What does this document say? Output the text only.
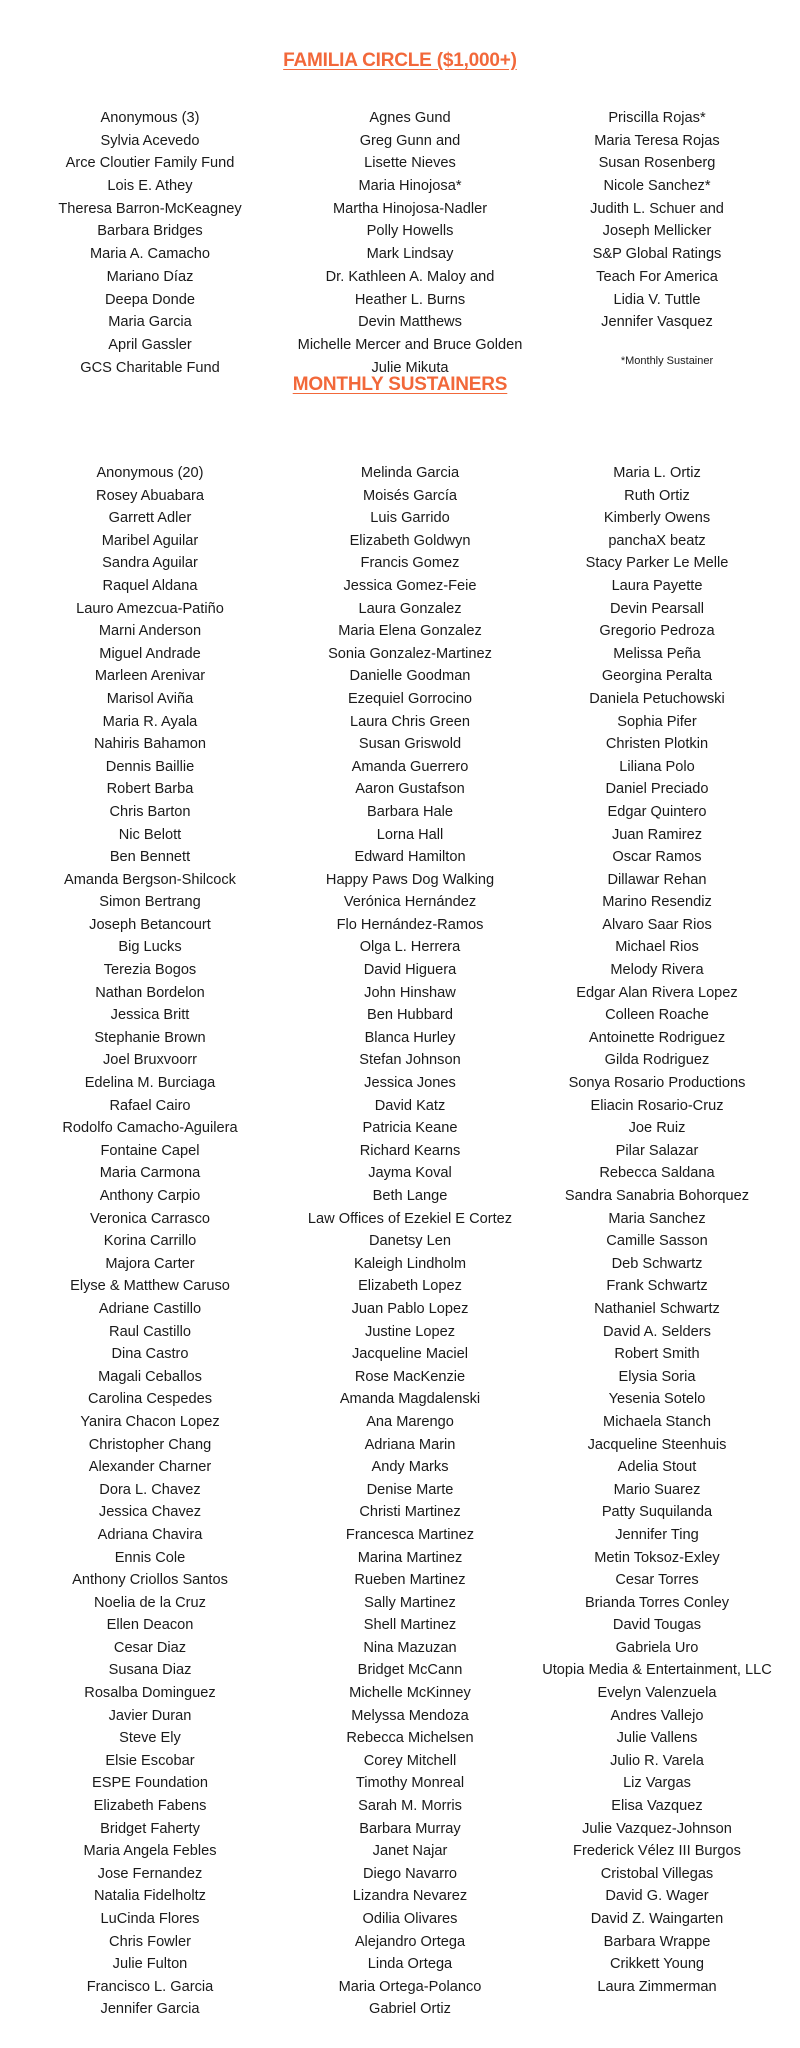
FAMILIA CIRCLE ($1,000+)
MONTHLY SUSTAINERS
*Monthly Sustainer
Anonymous (3)
Sylvia Acevedo
Arce Cloutier Family Fund
Lois E. Athey
Theresa Barron-McKeagney
Barbara Bridges
Maria A. Camacho
Mariano Díaz
Deepa Donde
Maria Garcia
April Gassler
GCS Charitable Fund
Agnes Gund
Greg Gunn and
Lisette Nieves
Maria Hinojosa*
Martha Hinojosa-Nadler
Polly Howells
Mark Lindsay
Dr. Kathleen A. Maloy and
Heather L. Burns
Devin Matthews
Michelle Mercer and Bruce Golden
Julie Mikuta
Priscilla Rojas*
Maria Teresa Rojas
Susan Rosenberg
Nicole Sanchez*
Judith L. Schuer and
Joseph Mellicker
S&P Global Ratings
Teach For America
Lidia V. Tuttle
Jennifer Vasquez
Anonymous (20)
Rosey Abuabara
Garrett Adler
Maribel Aguilar
Sandra Aguilar
Raquel Aldana
Lauro Amezcua-Patiño
Marni Anderson
Miguel Andrade
Marleen Arenivar
Marisol Aviña
Maria R. Ayala
Nahiris Bahamon
Dennis Baillie
Robert Barba
Chris Barton
Nic Belott
Ben Bennett
Amanda Bergson-Shilcock
Simon Bertrang
Joseph Betancourt
Big Lucks
Terezia Bogos
Nathan Bordelon
Jessica Britt
Stephanie Brown
Joel Bruxvoorr
Edelina M. Burciaga
Rafael Cairo
Rodolfo Camacho-Aguilera
Fontaine Capel
Maria Carmona
Anthony Carpio
Veronica Carrasco
Korina Carrillo
Majora Carter
Elyse & Matthew Caruso
Adriane Castillo
Raul Castillo
Dina Castro
Magali Ceballos
Carolina Cespedes
Yanira Chacon Lopez
Christopher Chang
Alexander Charner
Dora L. Chavez
Jessica Chavez
Adriana Chavira
Ennis Cole
Anthony Criollos Santos
Noelia de la Cruz
Ellen Deacon
Cesar Diaz
Susana Diaz
Rosalba Dominguez
Javier Duran
Steve Ely
Elsie Escobar
ESPE Foundation
Elizabeth Fabens
Bridget Faherty
Maria Angela Febles
Jose Fernandez
Natalia Fidelholtz
LuCinda Flores
Chris Fowler
Julie Fulton
Francisco L. Garcia
Jennifer Garcia
Melinda Garcia
Moisés García
Luis Garrido
Elizabeth Goldwyn
Francis Gomez
Jessica Gomez-Feie
Laura Gonzalez
Maria Elena Gonzalez
Sonia Gonzalez-Martinez
Danielle Goodman
Ezequiel Gorrocino
Laura Chris Green
Susan Griswold
Amanda Guerrero
Aaron Gustafson
Barbara Hale
Lorna Hall
Edward Hamilton
Happy Paws Dog Walking
Verónica Hernández
Flo Hernández-Ramos
Olga L. Herrera
David Higuera
John Hinshaw
Ben Hubbard
Blanca Hurley
Stefan Johnson
Jessica Jones
David Katz
Patricia Keane
Richard Kearns
Jayma Koval
Beth Lange
Law Offices of Ezekiel E Cortez
Danetsy Len
Kaleigh Lindholm
Elizabeth Lopez
Juan Pablo Lopez
Justine Lopez
Jacqueline Maciel
Rose MacKenzie
Amanda Magdalenski
Ana Marengo
Adriana Marin
Andy Marks
Denise Marte
Christi Martinez
Francesca Martinez
Marina Martinez
Rueben Martinez
Sally Martinez
Shell Martinez
Nina Mazuzan
Bridget McCann
Michelle McKinney
Melyssa Mendoza
Rebecca Michelsen
Corey Mitchell
Timothy Monreal
Sarah M. Morris
Barbara Murray
Janet Najar
Diego Navarro
Lizandra Nevarez
Odilia Olivares
Alejandro Ortega
Linda Ortega
Maria Ortega-Polanco
Gabriel Ortiz
Maria L. Ortiz
Ruth Ortiz
Kimberly Owens
panchaX beatz
Stacy Parker Le Melle
Laura Payette
Devin Pearsall
Gregorio Pedroza
Melissa Peña
Georgina Peralta
Daniela Petuchowski
Sophia Pifer
Christen Plotkin
Liliana Polo
Daniel Preciado
Edgar Quintero
Juan Ramirez
Oscar Ramos
Dillawar Rehan
Marino Resendiz
Alvaro Saar Rios
Michael Rios
Melody Rivera
Edgar Alan Rivera Lopez
Colleen Roache
Antoinette Rodriguez
Gilda Rodriguez
Sonya Rosario Productions
Eliacin Rosario-Cruz
Joe Ruiz
Pilar Salazar
Rebecca Saldana
Sandra Sanabria Bohorquez
Maria Sanchez
Camille Sasson
Deb Schwartz
Frank Schwartz
Nathaniel Schwartz
David A. Selders
Robert Smith
Elysia Soria
Yesenia Sotelo
Michaela Stanch
Jacqueline Steenhuis
Adelia Stout
Mario Suarez
Patty Suquilanda
Jennifer Ting
Metin Toksoz-Exley
Cesar Torres
Brianda Torres Conley
David Tougas
Gabriela Uro
Utopia Media & Entertainment, LLC
Evelyn Valenzuela
Andres Vallejo
Julie Vallens
Julio R. Varela
Liz Vargas
Elisa Vazquez
Julie Vazquez-Johnson
Frederick Vélez III Burgos
Cristobal Villegas
David G. Wager
David Z. Waingarten
Barbara Wrappe
Crikkett Young
Laura Zimmerman
